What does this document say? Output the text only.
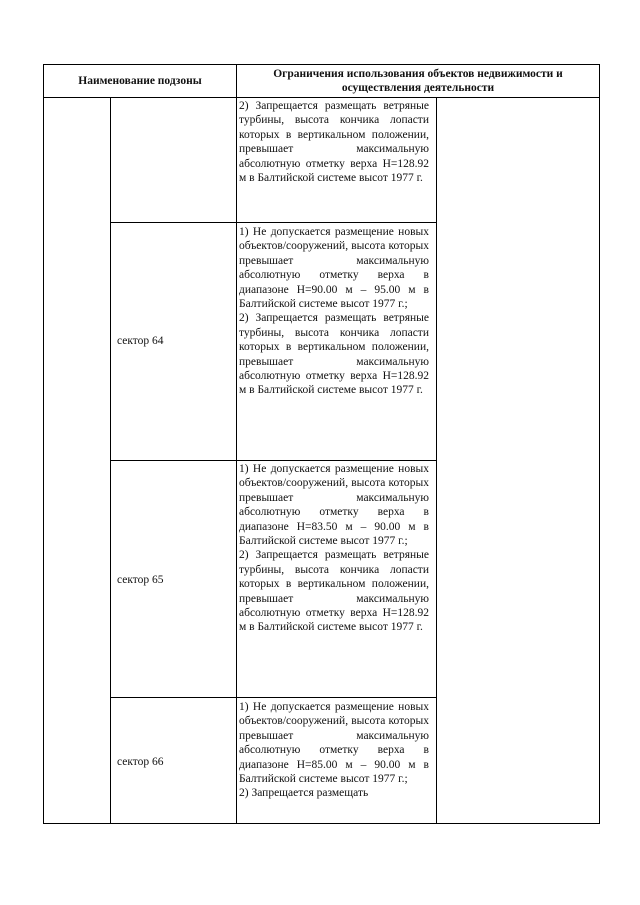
Наименование подзоны
Ограничения использования объектов недвижимости и осуществления деятельности
2) Запрещается размещать ветряные турбины, высота кончика лопасти которых в вертикальном положении, превышает максимальную абсолютную отметку верха H=128.92 м в Балтийской системе высот 1977 г.
сектор 64
1) Не допускается размещение новых объектов/сооружений, высота которых превышает максимальную абсолютную отметку верха в диапазоне H=90.00 м – 95.00 м в Балтийской системе высот 1977 г.;
2) Запрещается размещать ветряные турбины, высота кончика лопасти которых в вертикальном положении, превышает максимальную абсолютную отметку верха H=128.92 м в Балтийской системе высот 1977 г.
сектор 65
1) Не допускается размещение новых объектов/сооружений, высота которых превышает максимальную абсолютную отметку верха в диапазоне H=83.50 м – 90.00 м в Балтийской системе высот 1977 г.;
2) Запрещается размещать ветряные турбины, высота кончика лопасти которых в вертикальном положении, превышает максимальную абсолютную отметку верха H=128.92 м в Балтийской системе высот 1977 г.
сектор 66
1) Не допускается размещение новых объектов/сооружений, высота которых превышает максимальную абсолютную отметку верха в диапазоне H=85.00 м – 90.00 м в Балтийской системе высот 1977 г.;
2) Запрещается размещать
